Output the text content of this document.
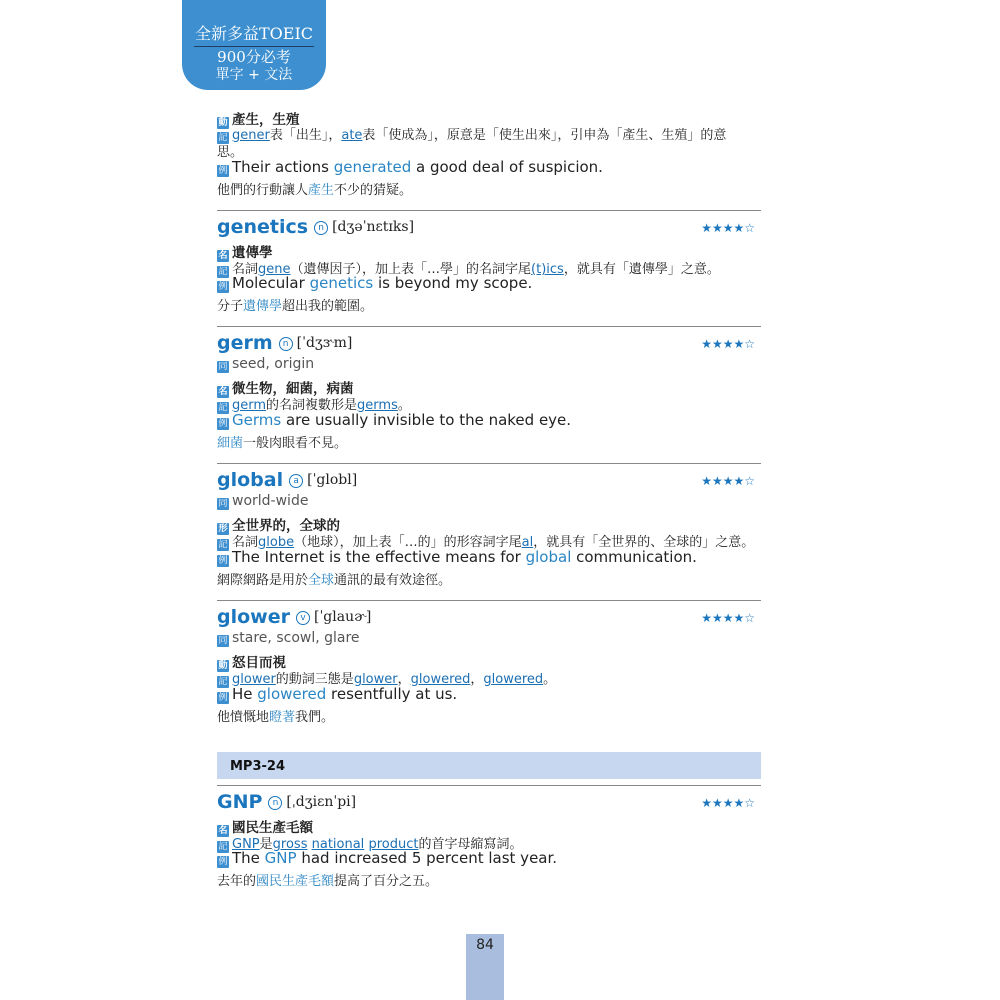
全新多益TOEIC
900分必考
單字 + 文法
動 產生，生殖
記 gener表「出生」，ate表「使成為」，原意是「使生出來」，引申為「產生、生殖」的意
思。
例 Their actions generated a good deal of suspicion.
他們的行動讓人產生不少的猜疑。
genetics n [dʒəˈnɛtɪks]	★★★★☆
名 遺傳學
記 名詞gene（遺傳因子），加上表「…學」的名詞字尾(t)ics，就具有「遺傳學」之意。
例 Molecular genetics is beyond my scope.
分子遺傳學超出我的範圍。
germ n [ˈdʒɝm]	★★★★☆
同 seed, origin
名 微生物，細菌，病菌
記 germ的名詞複數形是germs。
例 Germs are usually invisible to the naked eye.
細菌一般肉眼看不見。
global a [ˈglobl]	★★★★☆
同 world-wide
形 全世界的，全球的
記 名詞globe（地球），加上表「…的」的形容詞字尾al，就具有「全世界的、全球的」之意。
例 The Internet is the effective means for global communication.
網際網路是用於全球通訊的最有效途徑。
glower v [ˈglauɚ]	★★★★☆
同 stare, scowl, glare
動 怒目而視
記 glower的動詞三態是glower，glowered，glowered。
例 He glowered resentfully at us.
他憤慨地瞪著我們。
MP3-24
GNP n [ˌdʒiɛnˈpi]	★★★★☆
名 國民生產毛額
記 GNP是gross national product的首字母縮寫詞。
例 The GNP had increased 5 percent last year.
去年的國民生產毛額提高了百分之五。
84
